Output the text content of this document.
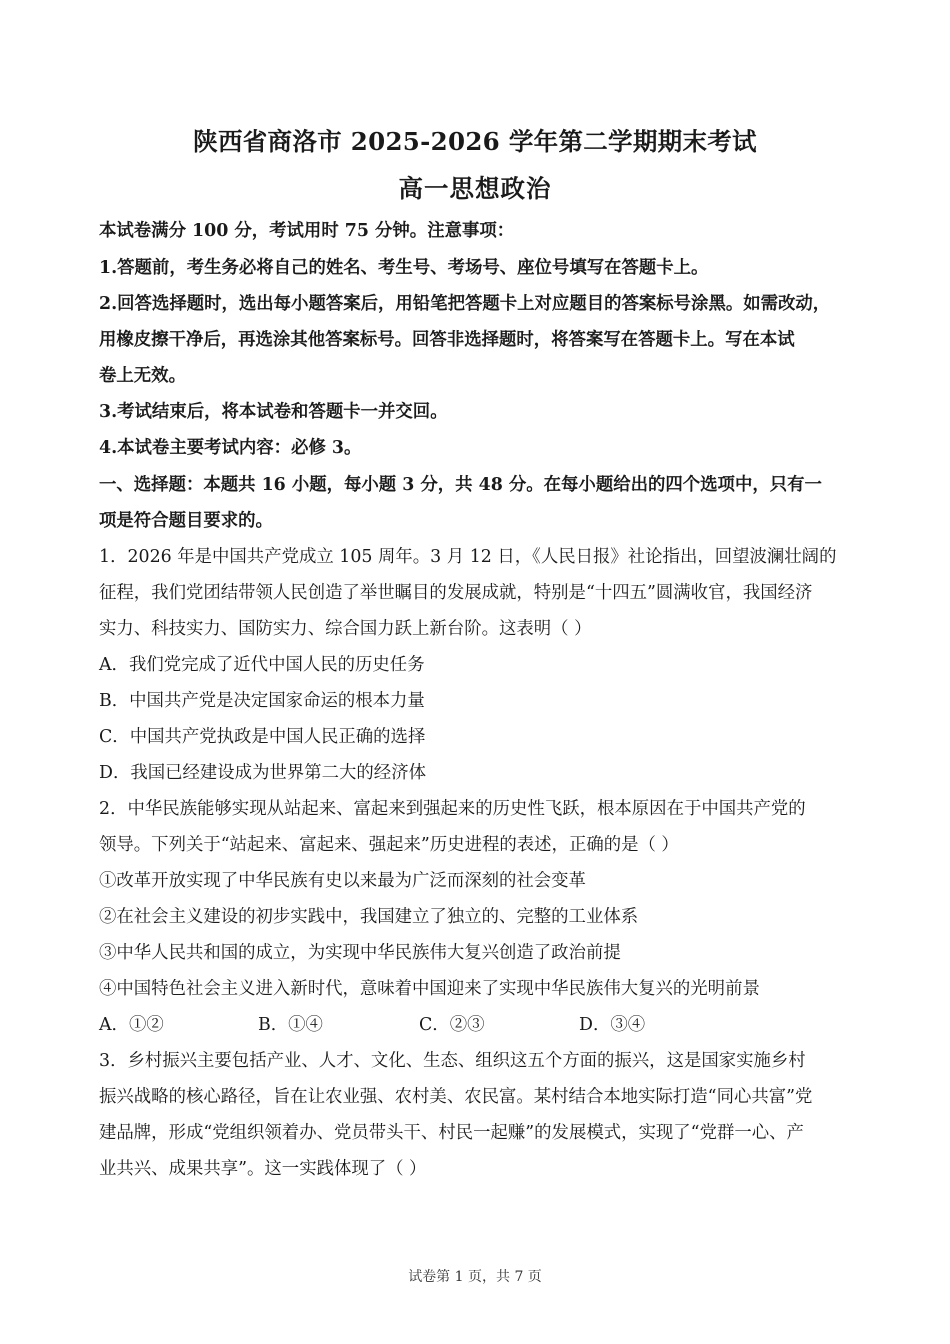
陕西省商洛市 2025-2026 学年第二学期期末考试
高一思想政治
本试卷满分 100 分，考试用时 75 分钟。注意事项：
1.答题前，考生务必将自己的姓名、考生号、考场号、座位号填写在答题卡上。
2.回答选择题时，选出每小题答案后，用铅笔把答题卡上对应题目的答案标号涂黑。如需改动，
用橡皮擦干净后，再选涂其他答案标号。回答非选择题时，将答案写在答题卡上。写在本试
卷上无效。
3.考试结束后，将本试卷和答题卡一并交回。
4.本试卷主要考试内容：必修 3。
一、选择题：本题共 16 小题，每小题 3 分，共 48 分。在每小题给出的四个选项中，只有一
项是符合题目要求的。
1．2026 年是中国共产党成立 105 周年。3 月 12 日，《人民日报》社论指出，回望波澜壮阔的
征程，我们党团结带领人民创造了举世瞩目的发展成就，特别是“十四五”圆满收官，我国经济
实力、科技实力、国防实力、综合国力跃上新台阶。这表明（ ）
A．我们党完成了近代中国人民的历史任务
B．中国共产党是决定国家命运的根本力量
C．中国共产党执政是中国人民正确的选择
D．我国已经建设成为世界第二大的经济体
2．中华民族能够实现从站起来、富起来到强起来的历史性飞跃，根本原因在于中国共产党的
领导。下列关于“站起来、富起来、强起来”历史进程的表述，正确的是（ ）
①改革开放实现了中华民族有史以来最为广泛而深刻的社会变革
②在社会主义建设的初步实践中，我国建立了独立的、完整的工业体系
③中华人民共和国的成立，为实现中华民族伟大复兴创造了政治前提
④中国特色社会主义进入新时代，意味着中国迎来了实现中华民族伟大复兴的光明前景
A．①②	B．①④	C．②③	D．③④
3．乡村振兴主要包括产业、人才、文化、生态、组织这五个方面的振兴，这是国家实施乡村
振兴战略的核心路径，旨在让农业强、农村美、农民富。某村结合本地实际打造“同心共富”党
建品牌，形成“党组织领着办、党员带头干、村民一起赚”的发展模式，实现了“党群一心、产
业共兴、成果共享”。这一实践体现了（ ）
试卷第 1 页，共 7 页
